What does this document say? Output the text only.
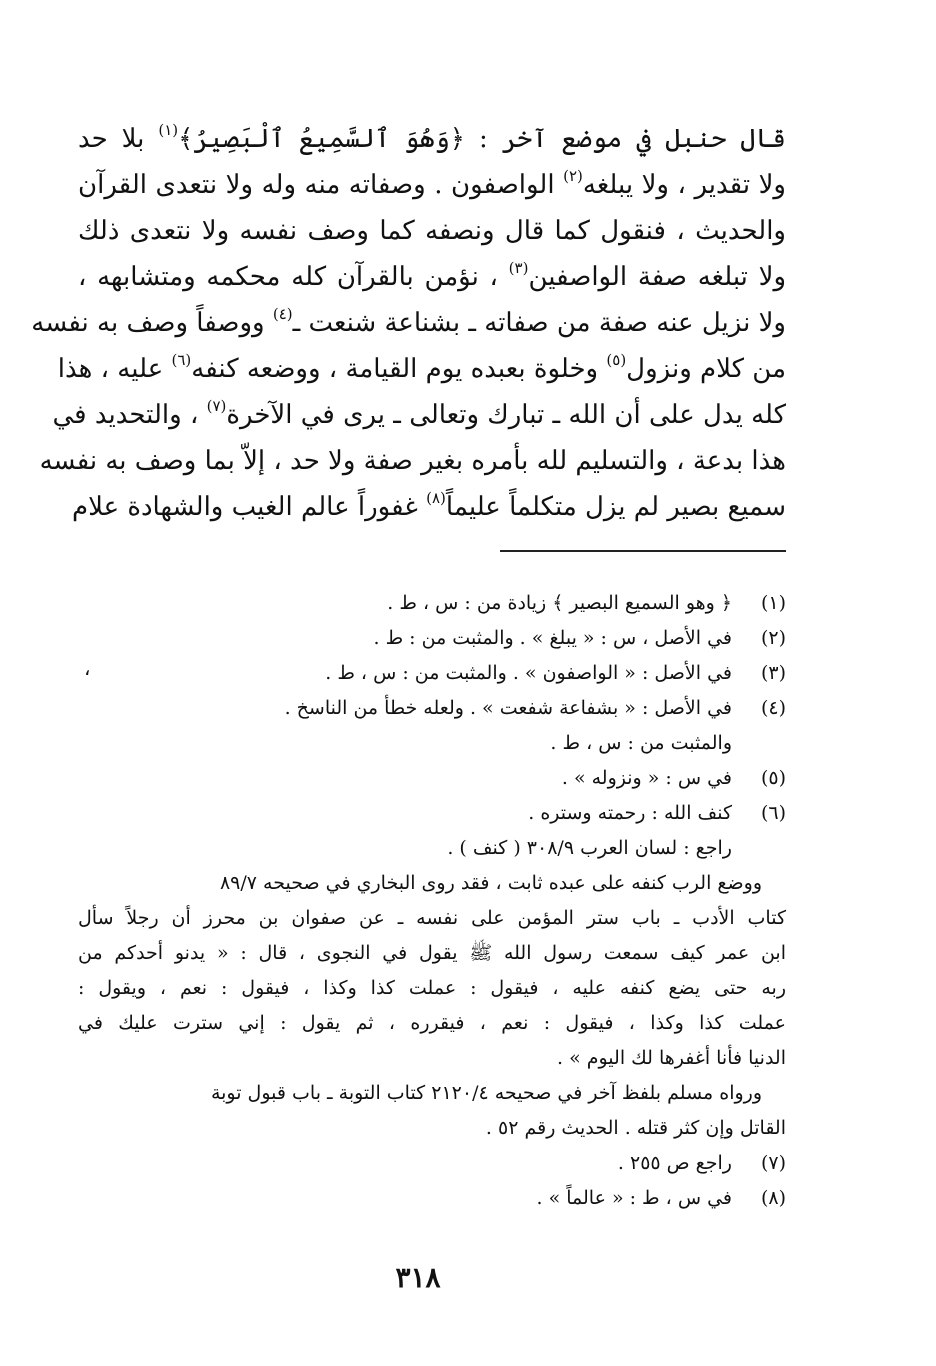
قال حنبل في موضع آخر : ﴿وَهُوَ ٱلسَّمِيعُ ٱلْبَصِيرُ﴾$^{(١)}$ بلا حد
ولا تقدير ، ولا يبلغه$^{(٢)}$ الواصفون . وصفاته منه وله ولا نتعدى القرآن
والحديث ، فنقول كما قال ونصفه كما وصف نفسه ولا نتعدى ذلك
ولا تبلغه صفة الواصفين$^{(٣)}$ ، نؤمن بالقرآن كله محكمه ومتشابهه ،
ولا نزيل عنه صفة من صفاته ـ بشناعة شنعت ـ$^{(٤)}$ ووصفاً وصف به نفسه
من كلام ونزول$^{(٥)}$ وخلوة بعبده يوم القيامة ، ووضعه كنفه$^{(٦)}$ عليه ، هذا
كله يدل على أن الله ـ تبارك وتعالى ـ يرى في الآخرة$^{(٧)}$ ، والتحديد في
هذا بدعة ، والتسليم لله بأمره بغير صفة ولا حد ، إلاّ بما وصف به نفسه
سميع بصير لم يزل متكلماً عليماً$^{(٨)}$ غفوراً عالم الغيب والشهادة علام
،
(١)﴿ وهو السميع البصير ﴾ زيادة من : س ، ط .
(٢)في الأصل ، س : « يبلغ » . والمثبت من : ط .
(٣)في الأصل : « الواصفون » . والمثبت من : س ، ط .
(٤)في الأصل : « بشفاعة شفعت » . ولعله خطأ من الناسخ .
والمثبت من : س ، ط .
(٥)في س : « ونزوله » .
(٦)كنف الله : رحمته وستره .
راجع : لسان العرب ٣٠٨/٩ ( كنف ) .
ووضع الرب كنفه على عبده ثابت ، فقد روى البخاري في صحيحه ٨٩/٧
كتاب الأدب ـ باب ستر المؤمن على نفسه ـ عن صفوان بن محرز أن رجلاً سأل
ابن عمر كيف سمعت رسول الله ﷺ يقول في النجوى ، قال : « يدنو أحدكم من
ربه حتى يضع كنفه عليه ، فيقول : عملت كذا وكذا ، فيقول : نعم ، ويقول :
عملت كذا وكذا ، فيقول : نعم ، فيقرره ، ثم يقول : إني سترت عليك في
الدنيا فأنا أغفرها لك اليوم » .
ورواه مسلم بلفظ آخر في صحيحه ٢١٢٠/٤ كتاب التوبة ـ باب قبول توبة
القاتل وإن كثر قتله . الحديث رقم ٥٢ .
(٧)راجع ص ٢٥٥ .
(٨)في س ، ط : « عالماً » .
٣١٨
